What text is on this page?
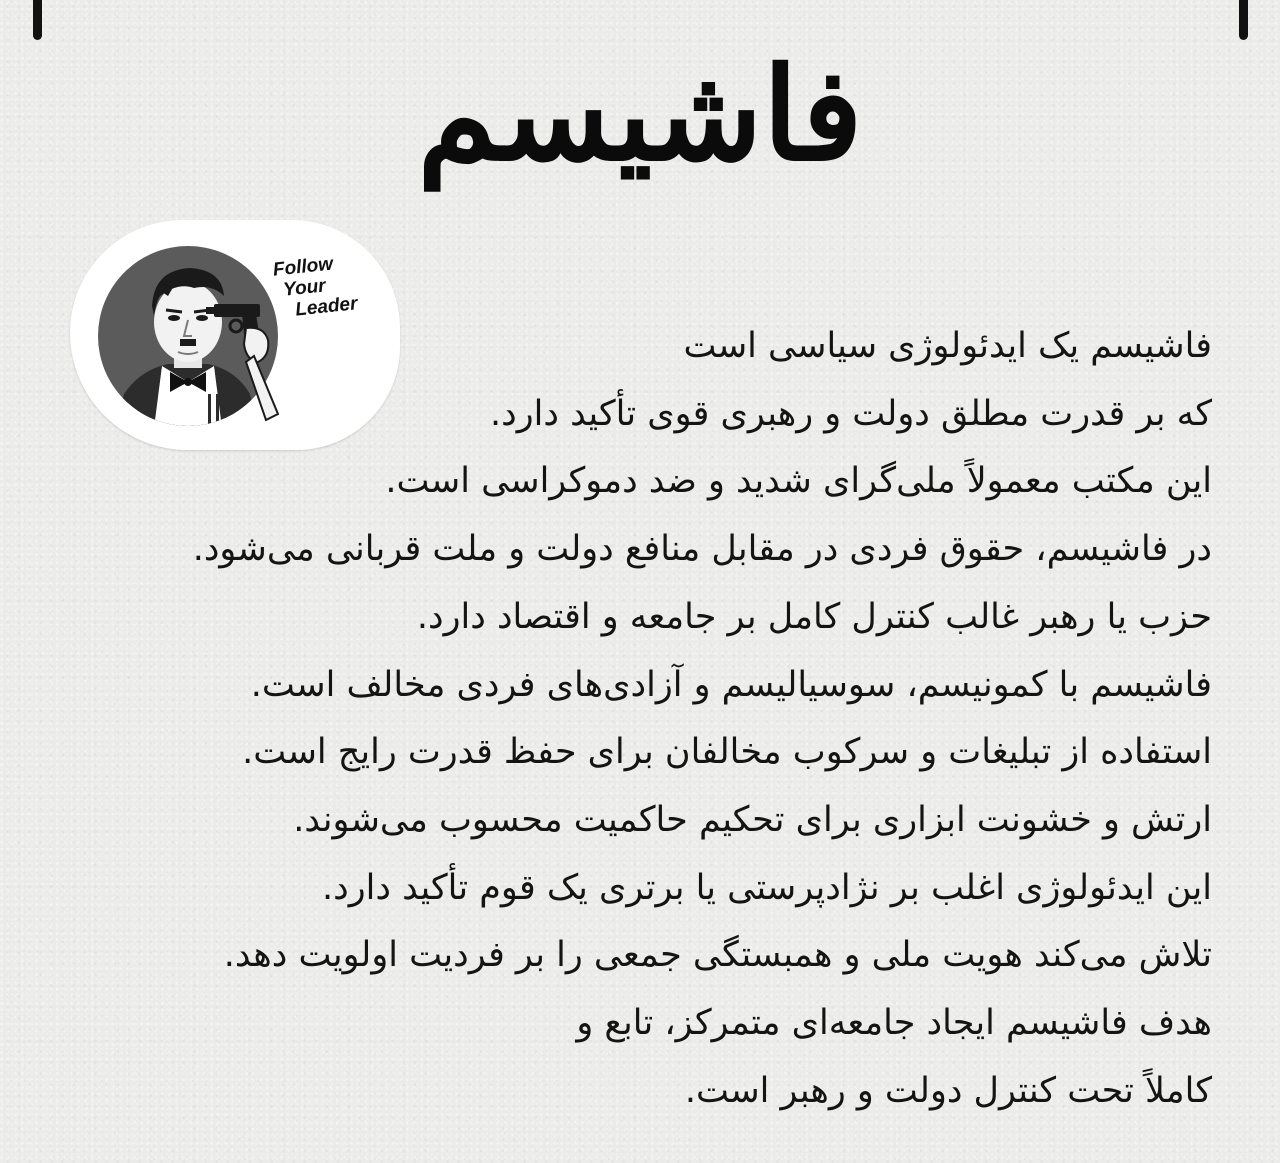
فاشیسم

Follow
Your
Leader

فاشیسم یک ایدئولوژی سیاسی است
که بر قدرت مطلق دولت و رهبری قوی تأکید دارد.
این مکتب معمولاً ملی‌گرای شدید و ضد دموکراسی است.
در فاشیسم، حقوق فردی در مقابل منافع دولت و ملت قربانی می‌شود.
حزب یا رهبر غالب کنترل کامل بر جامعه و اقتصاد دارد.
فاشیسم با کمونیسم، سوسیالیسم و آزادی‌های فردی مخالف است.
استفاده از تبلیغات و سرکوب مخالفان برای حفظ قدرت رایج است.
ارتش و خشونت ابزاری برای تحکیم حاکمیت محسوب می‌شوند.
این ایدئولوژی اغلب بر نژادپرستی یا برتری یک قوم تأکید دارد.
تلاش می‌کند هویت ملی و همبستگی جمعی را بر فردیت اولویت دهد.
هدف فاشیسم ایجاد جامعه‌ای متمرکز، تابع و
کاملاً تحت کنترل دولت و رهبر است.
